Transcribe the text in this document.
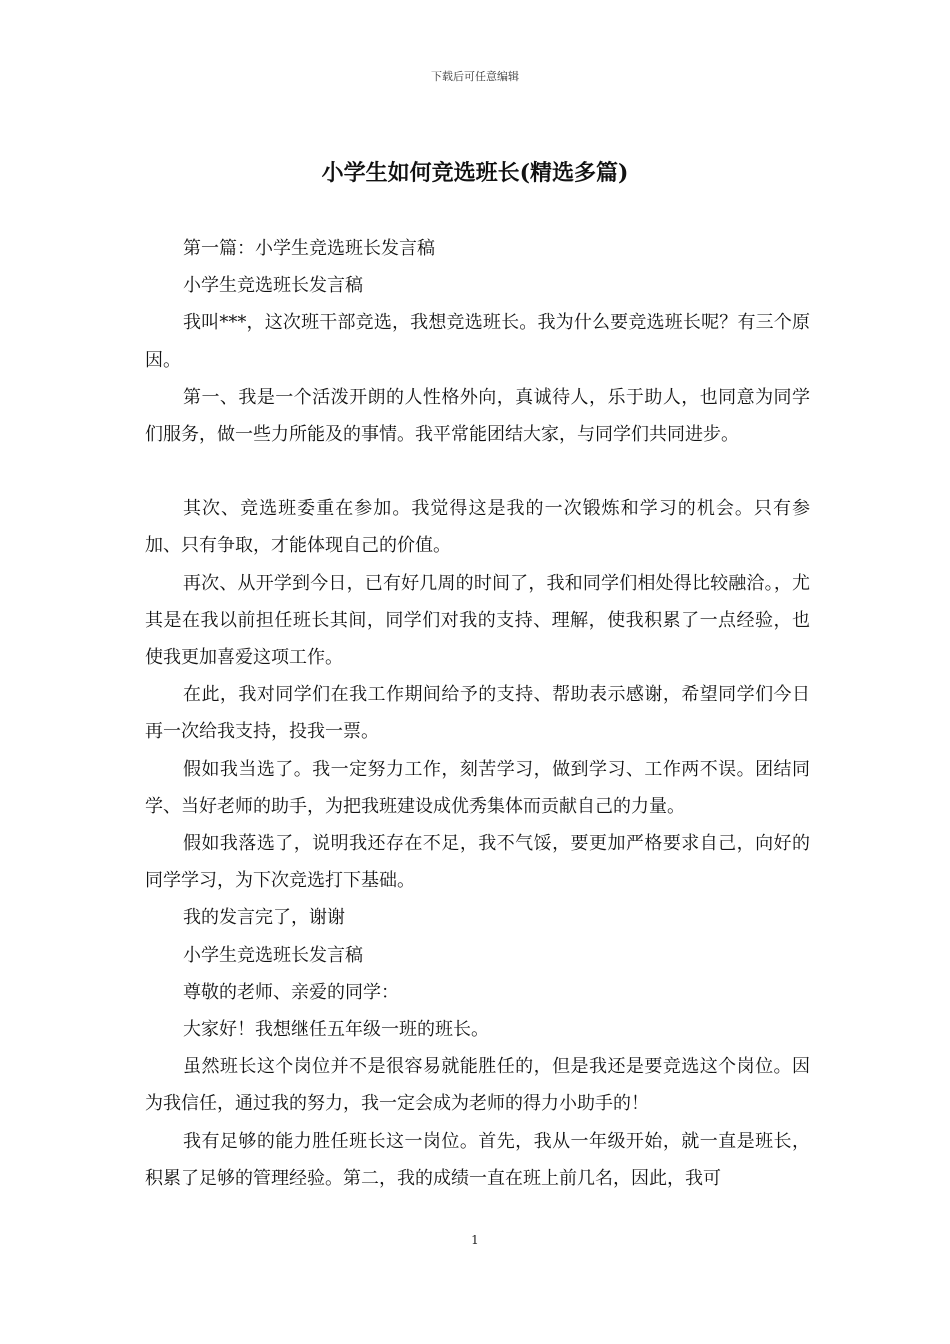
下载后可任意编辑
小学生如何竞选班长(精选多篇)

第一篇：小学生竞选班长发言稿

小学生竞选班长发言稿

我叫***，这次班干部竞选，我想竞选班长。我为什么要竞选班长呢？有三个原因。

第一、我是一个活泼开朗的人性格外向，真诚待人，乐于助人，也同意为同学们服务，做一些力所能及的事情。我平常能团结大家，与同学们共同进步。

其次、竞选班委重在参加。我觉得这是我的一次锻炼和学习的机会。只有参加、只有争取，才能体现自己的价值。

再次、从开学到今日，已有好几周的时间了，我和同学们相处得比较融洽。，尤其是在我以前担任班长其间，同学们对我的支持、理解，使我积累了一点经验，也使我更加喜爱这项工作。

在此，我对同学们在我工作期间给予的支持、帮助表示感谢，希望同学们今日再一次给我支持，投我一票。

假如我当选了。我一定努力工作，刻苦学习，做到学习、工作两不误。团结同学、当好老师的助手，为把我班建设成优秀集体而贡献自己的力量。

假如我落选了，说明我还存在不足，我不气馁，要更加严格要求自己，向好的同学学习，为下次竞选打下基础。

我的发言完了，谢谢

小学生竞选班长发言稿

尊敬的老师、亲爱的同学：

大家好！我想继任五年级一班的班长。

虽然班长这个岗位并不是很容易就能胜任的，但是我还是要竞选这个岗位。因为我信任，通过我的努力，我一定会成为老师的得力小助手的！

我有足够的能力胜任班长这一岗位。首先，我从一年级开始，就一直是班长，积累了足够的管理经验。第二，我的成绩一直在班上前几名，因此，我可

1
